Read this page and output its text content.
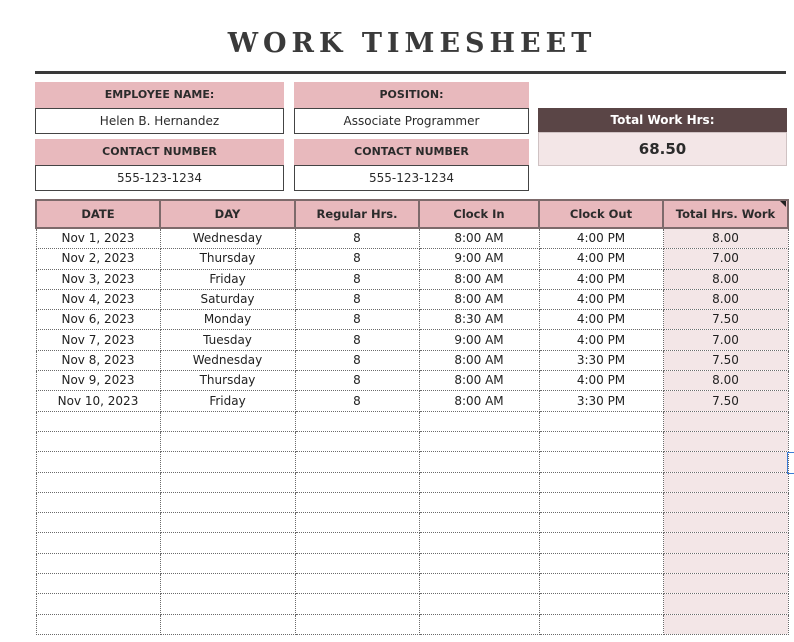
WORK TIMESHEET
EMPLOYEE NAME:
Helen B. Hernandez
POSITION:
Associate Programmer
CONTACT NUMBER
555-123-1234
CONTACT NUMBER
555-123-1234
Total Work Hrs:
68.50
DATE	DAY	Regular Hrs.	Clock In	Clock Out	Total Hrs. Work
Nov 1, 2023	Wednesday	8	8:00 AM	4:00 PM	8.00
Nov 2, 2023	Thursday	8	9:00 AM	4:00 PM	7.00
Nov 3, 2023	Friday	8	8:00 AM	4:00 PM	8.00
Nov 4, 2023	Saturday	8	8:00 AM	4:00 PM	8.00
Nov 6, 2023	Monday	8	8:30 AM	4:00 PM	7.50
Nov 7, 2023	Tuesday	8	9:00 AM	4:00 PM	7.00
Nov 8, 2023	Wednesday	8	8:00 AM	3:30 PM	7.50
Nov 9, 2023	Thursday	8	8:00 AM	4:00 PM	8.00
Nov 10, 2023	Friday	8	8:00 AM	3:30 PM	7.50
